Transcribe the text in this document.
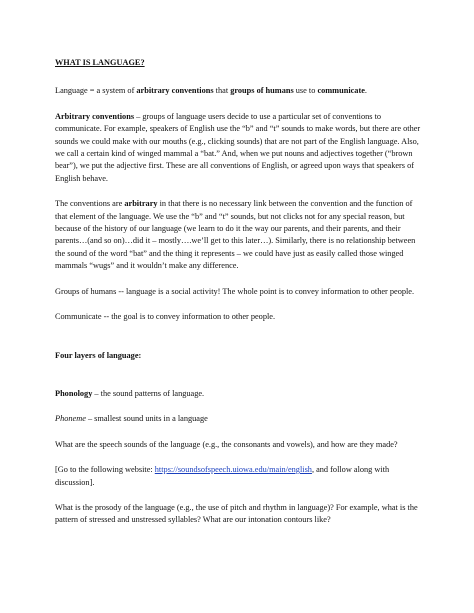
WHAT IS LANGUAGE?

Language = a system of arbitrary conventions that groups of humans use to communicate.

Arbitrary conventions – groups of language users decide to use a particular set of conventions to communicate. For example, speakers of English use the “b” and “t” sounds to make words, but there are other sounds we could make with our mouths (e.g., clicking sounds) that are not part of the English language. Also, we call a certain kind of winged mammal a “bat.” And, when we put nouns and adjectives together (“brown bear”), we put the adjective first. These are all conventions of English, or agreed upon ways that speakers of English behave.

The conventions are arbitrary in that there is no necessary link between the convention and the function of that element of the language. We use the “b” and “t” sounds, but not clicks not for any special reason, but because of the history of our language (we learn to do it the way our parents, and their parents, and their parents…(and so on)…did it – mostly….we’ll get to this later…). Similarly, there is no relationship between the sound of the word “bat” and the thing it represents – we could have just as easily called those winged mammals “wugs” and it wouldn’t make any difference.

Groups of humans -- language is a social activity! The whole point is to convey information to other people.

Communicate -- the goal is to convey information to other people.

Four layers of language:

Phonology – the sound patterns of language.

Phoneme – smallest sound units in a language

What are the speech sounds of the language (e.g., the consonants and vowels), and how are they made?

[Go to the following website: https://soundsofspeech.uiowa.edu/main/english, and follow along with discussion].

What is the prosody of the language (e.g., the use of pitch and rhythm in language)? For example, what is the pattern of stressed and unstressed syllables? What are our intonation contours like?
